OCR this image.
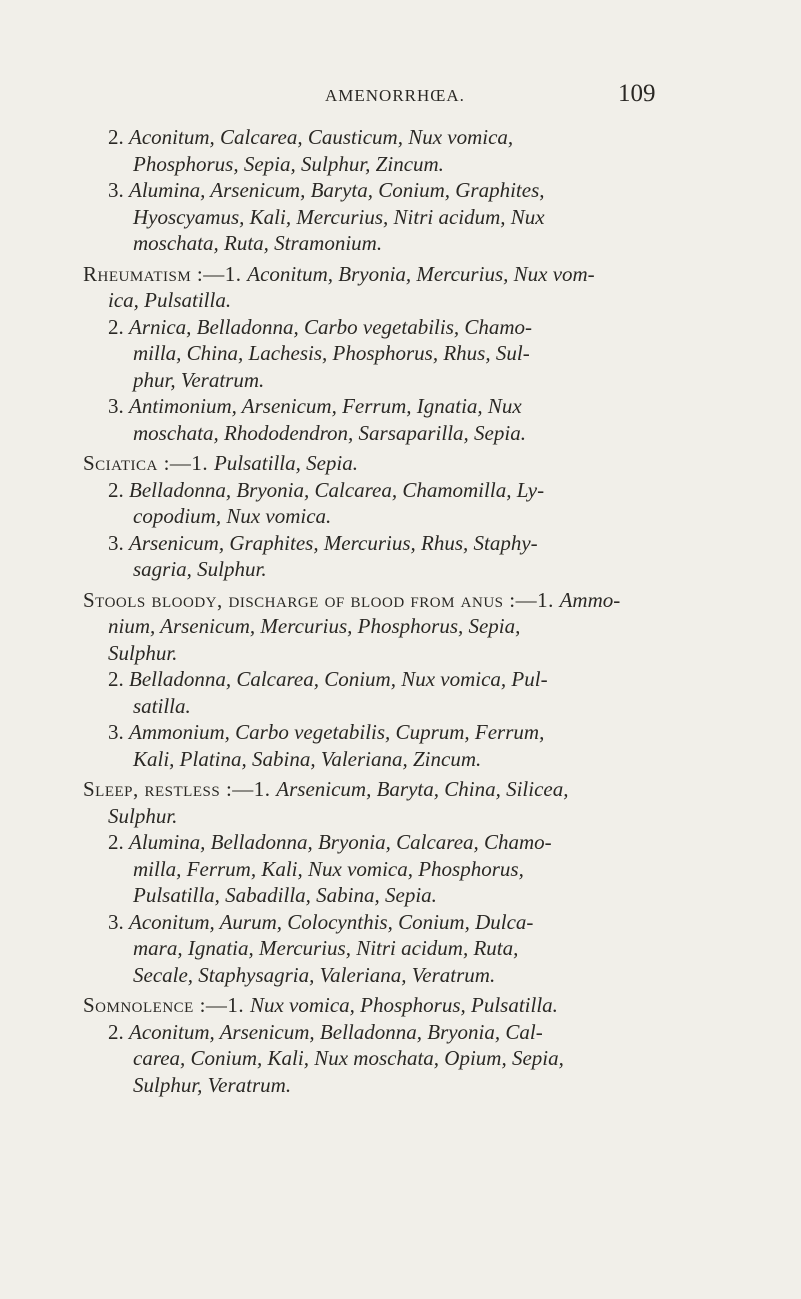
AMENORRHŒA.	109
2. Aconitum, Calcarea, Causticum, Nux vomica,
Phosphorus, Sepia, Sulphur, Zincum.
3. Alumina, Arsenicum, Baryta, Conium, Graphites,
Hyoscyamus, Kali, Mercurius, Nitri acidum, Nux
moschata, Ruta, Stramonium.
Rheumatism :—1. Aconitum, Bryonia, Mercurius, Nux vom-
ica, Pulsatilla.
2. Arnica, Belladonna, Carbo vegetabilis, Chamo-
milla, China, Lachesis, Phosphorus, Rhus, Sul-
phur, Veratrum.
3. Antimonium, Arsenicum, Ferrum, Ignatia, Nux
moschata, Rhododendron, Sarsaparilla, Sepia.
Sciatica :—1. Pulsatilla, Sepia.
2. Belladonna, Bryonia, Calcarea, Chamomilla, Ly-
copodium, Nux vomica.
3. Arsenicum, Graphites, Mercurius, Rhus, Staphy-
sagria, Sulphur.
Stools bloody, discharge of blood from anus :—1. Ammo-
nium, Arsenicum, Mercurius, Phosphorus, Sepia,
Sulphur.
2. Belladonna, Calcarea, Conium, Nux vomica, Pul-
satilla.
3. Ammonium, Carbo vegetabilis, Cuprum, Ferrum,
Kali, Platina, Sabina, Valeriana, Zincum.
Sleep, restless :—1. Arsenicum, Baryta, China, Silicea,
Sulphur.
2. Alumina, Belladonna, Bryonia, Calcarea, Chamo-
milla, Ferrum, Kali, Nux vomica, Phosphorus,
Pulsatilla, Sabadilla, Sabina, Sepia.
3. Aconitum, Aurum, Colocynthis, Conium, Dulca-
mara, Ignatia, Mercurius, Nitri acidum, Ruta,
Secale, Staphysagria, Valeriana, Veratrum.
Somnolence :—1. Nux vomica, Phosphorus, Pulsatilla.
2. Aconitum, Arsenicum, Belladonna, Bryonia, Cal-
carea, Conium, Kali, Nux moschata, Opium, Sepia,
Sulphur, Veratrum.
